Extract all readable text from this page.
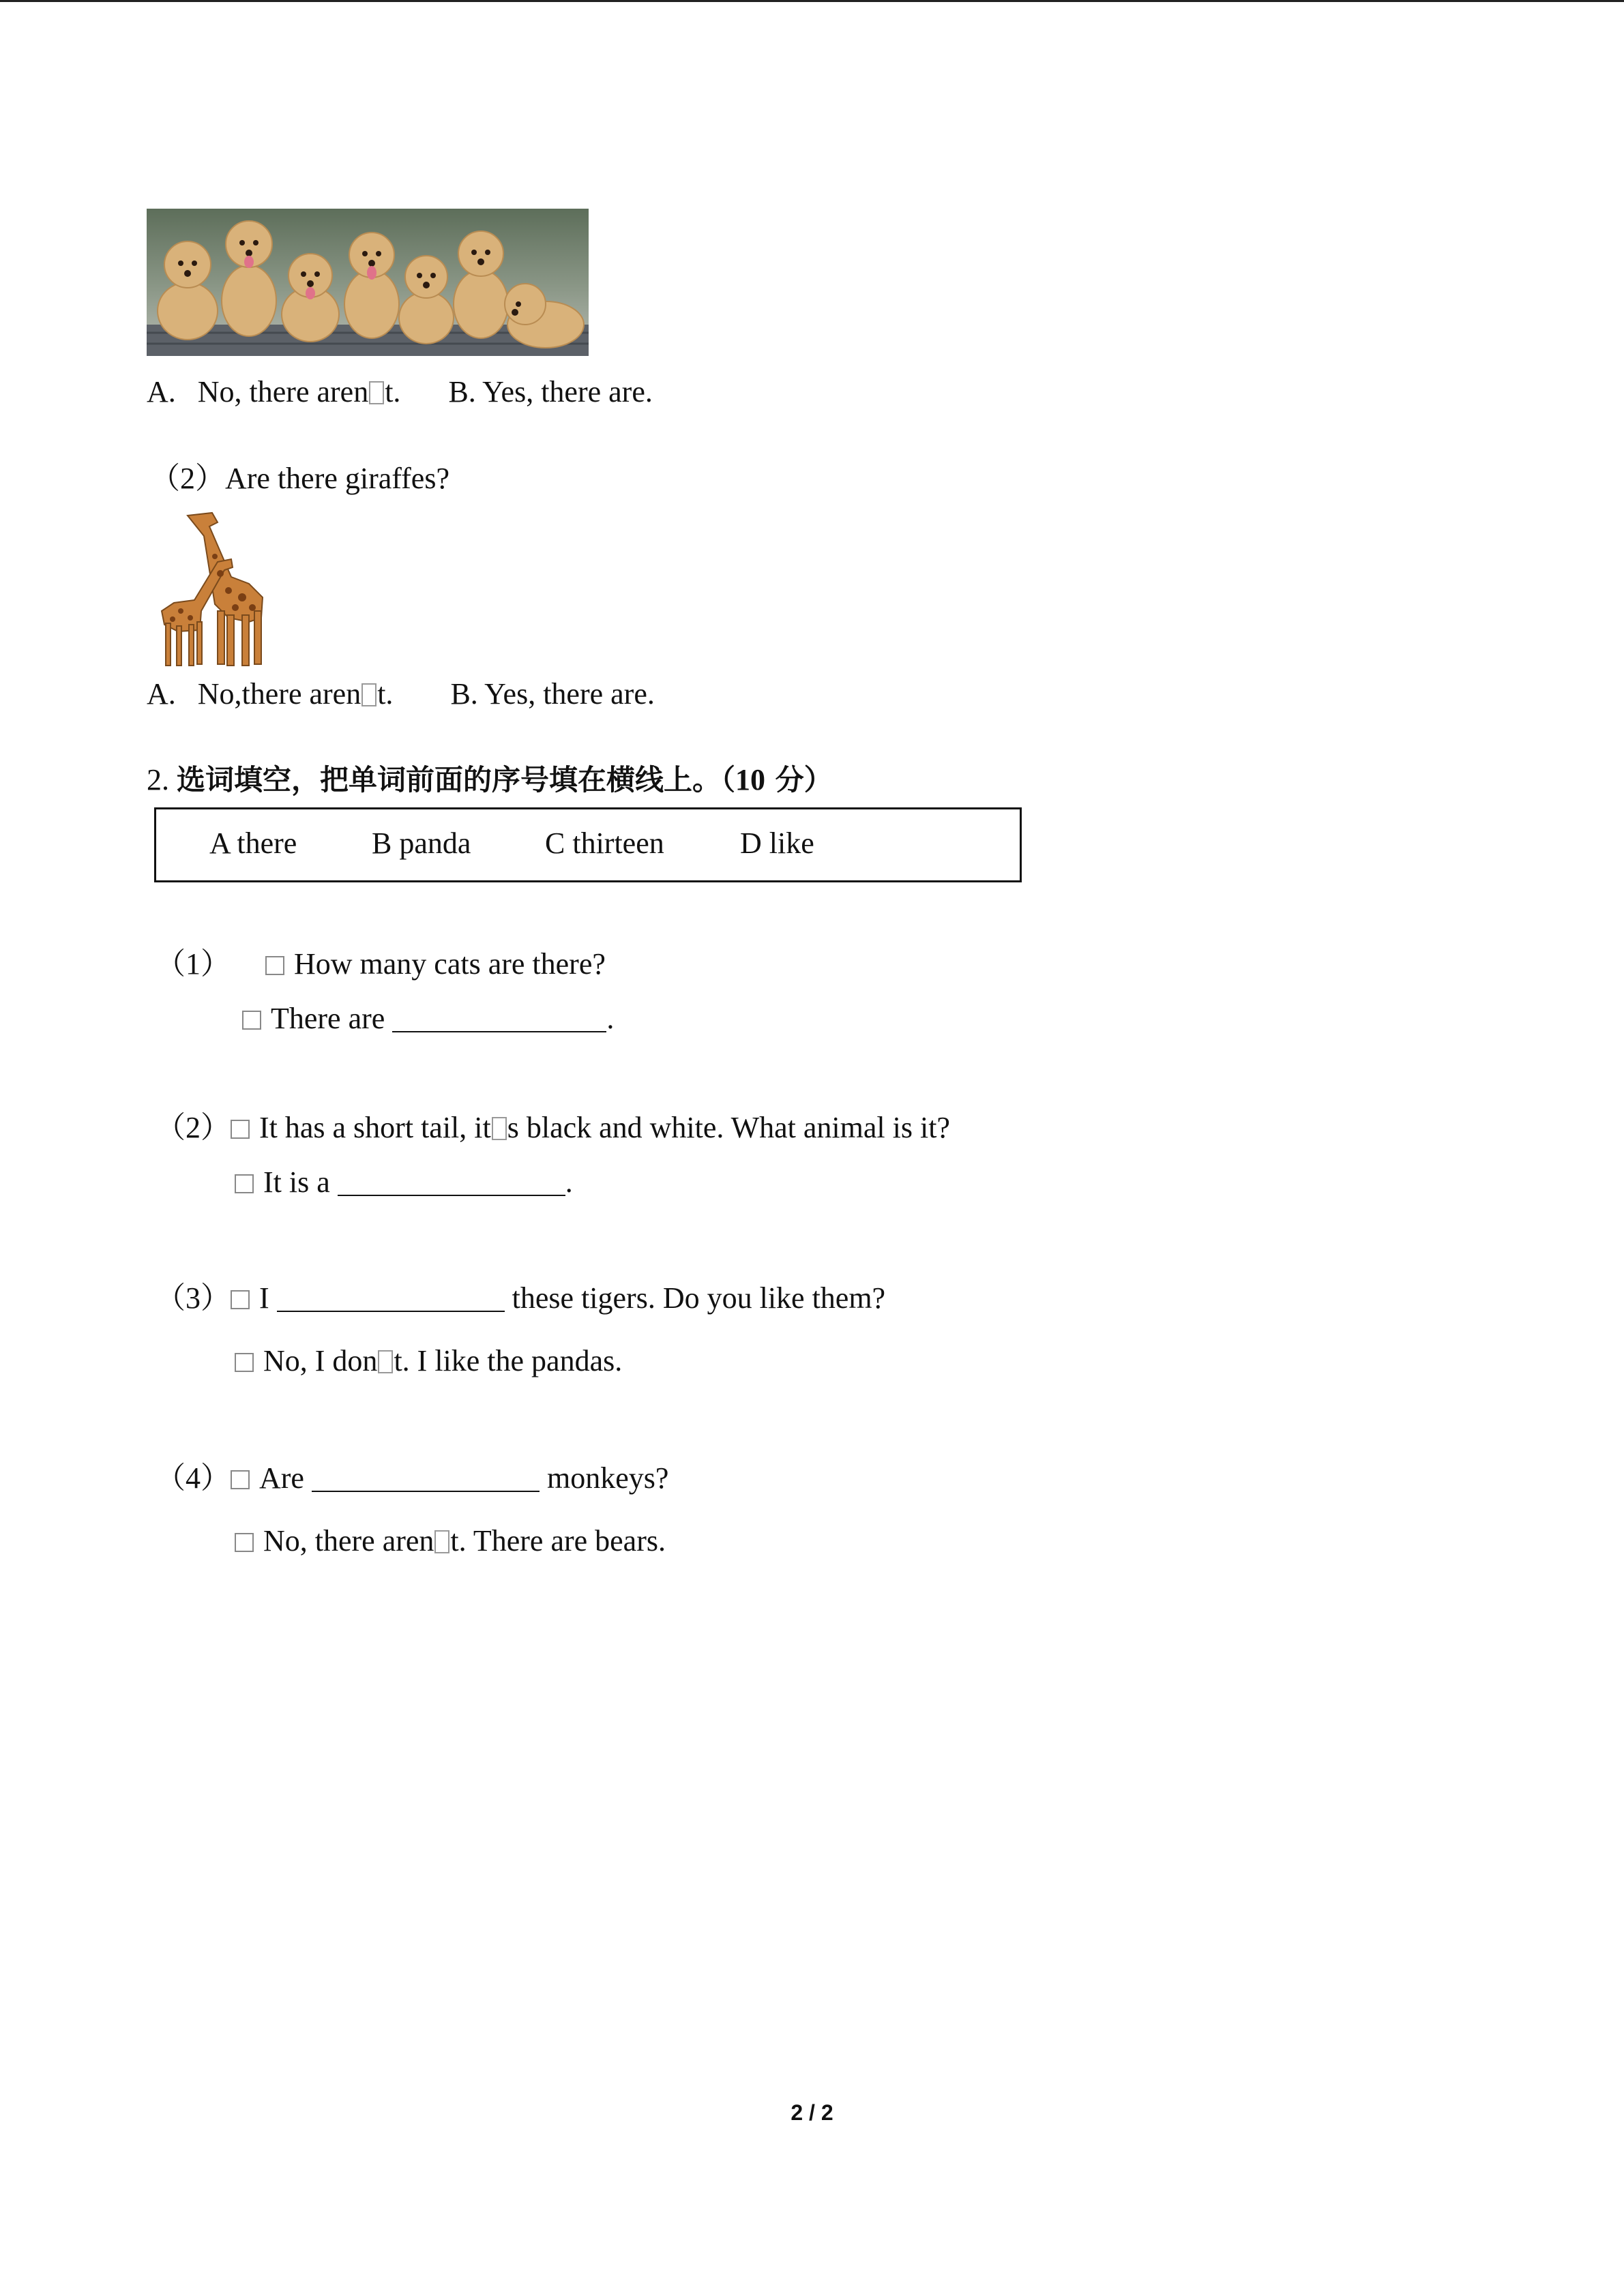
A. No, there aren t. B. Yes, there are.
（2）Are there giraffes?
A. No,there aren t. B. Yes, there are.
2. 选词填空，把单词前面的序号填在横线上。（10 分）
A there B panda C thirteen	D like
（1） How many cats are there?
There are	.
（2） It has a short tail, it s black and white. What animal is it?
It is a	.
（3） I	these tigers. Do you like them?
No, I don t. I like the pandas.
（4） Are	monkeys?
No, there aren t. There are bears.
2 / 2
